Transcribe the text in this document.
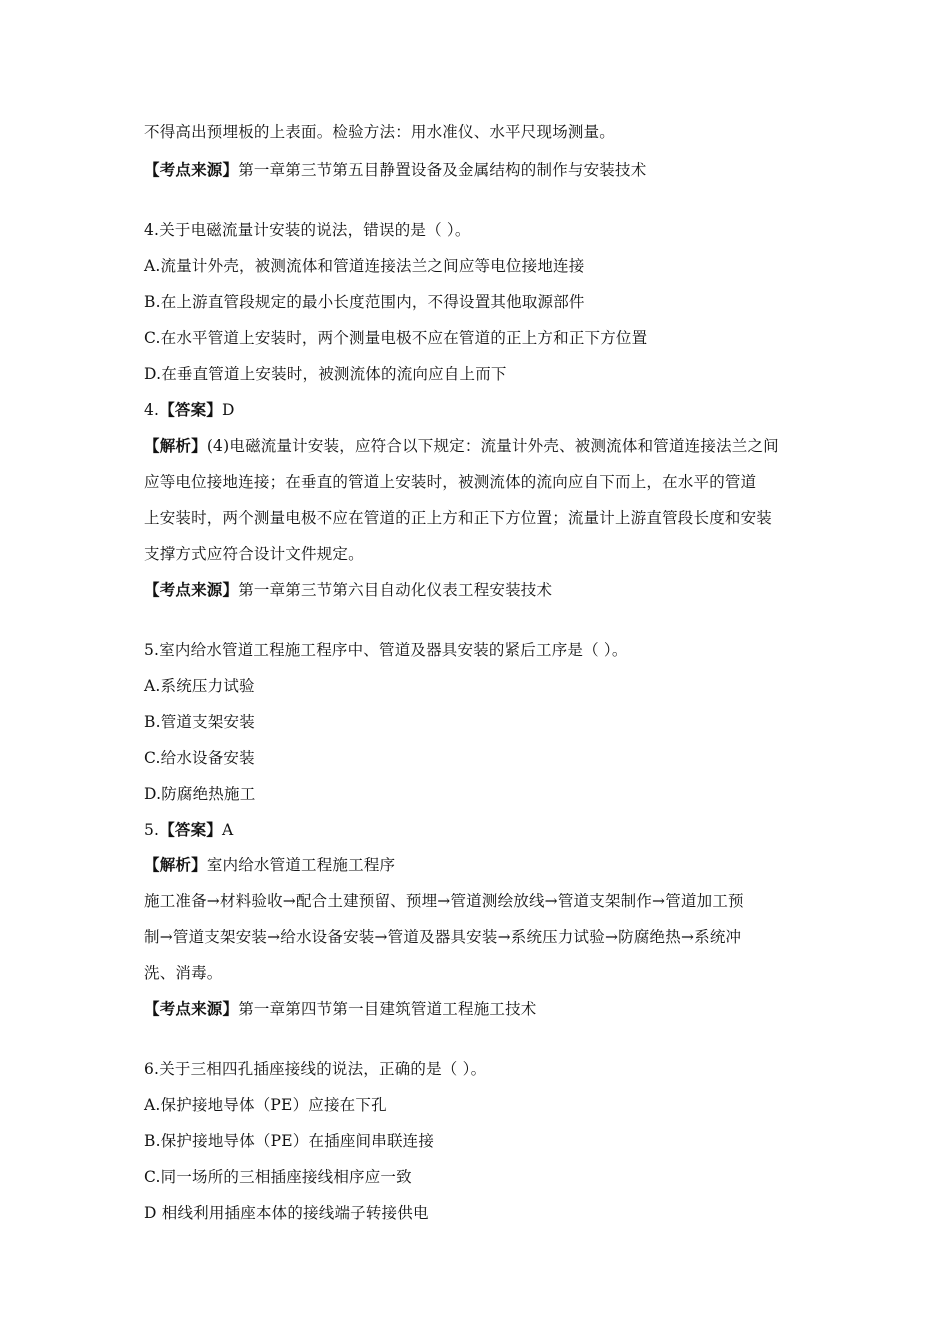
不得高出预埋板的上表面。检验方法：用水准仪、水平尺现场测量。
【考点来源】第一章第三节第五目静置设备及金属结构的制作与安装技术
4.关于电磁流量计安装的说法，错误的是（ ）。
A.流量计外壳，被测流体和管道连接法兰之间应等电位接地连接
B.在上游直管段规定的最小长度范围内，不得设置其他取源部件
C.在水平管道上安装时，两个测量电极不应在管道的正上方和正下方位置
D.在垂直管道上安装时，被测流体的流向应自上而下
4.【答案】D
【解析】(4)电磁流量计安装，应符合以下规定：流量计外壳、被测流体和管道连接法兰之间
应等电位接地连接；在垂直的管道上安装时，被测流体的流向应自下而上，在水平的管道
上安装时，两个测量电极不应在管道的正上方和正下方位置；流量计上游直管段长度和安装
支撑方式应符合设计文件规定。
【考点来源】第一章第三节第六目自动化仪表工程安装技术
5.室内给水管道工程施工程序中、管道及器具安装的紧后工序是（ ）。
A.系统压力试验
B.管道支架安装
C.给水设备安装
D.防腐绝热施工
5.【答案】A
【解析】室内给水管道工程施工程序
施工准备→材料验收→配合土建预留、预埋→管道测绘放线→管道支架制作→管道加工预
制→管道支架安装→给水设备安装→管道及器具安装→系统压力试验→防腐绝热→系统冲
洗、消毒。
【考点来源】第一章第四节第一目建筑管道工程施工技术
6.关于三相四孔插座接线的说法，正确的是（ ）。
A.保护接地导体（PE）应接在下孔
B.保护接地导体（PE）在插座间串联连接
C.同一场所的三相插座接线相序应一致
D 相线利用插座本体的接线端子转接供电
